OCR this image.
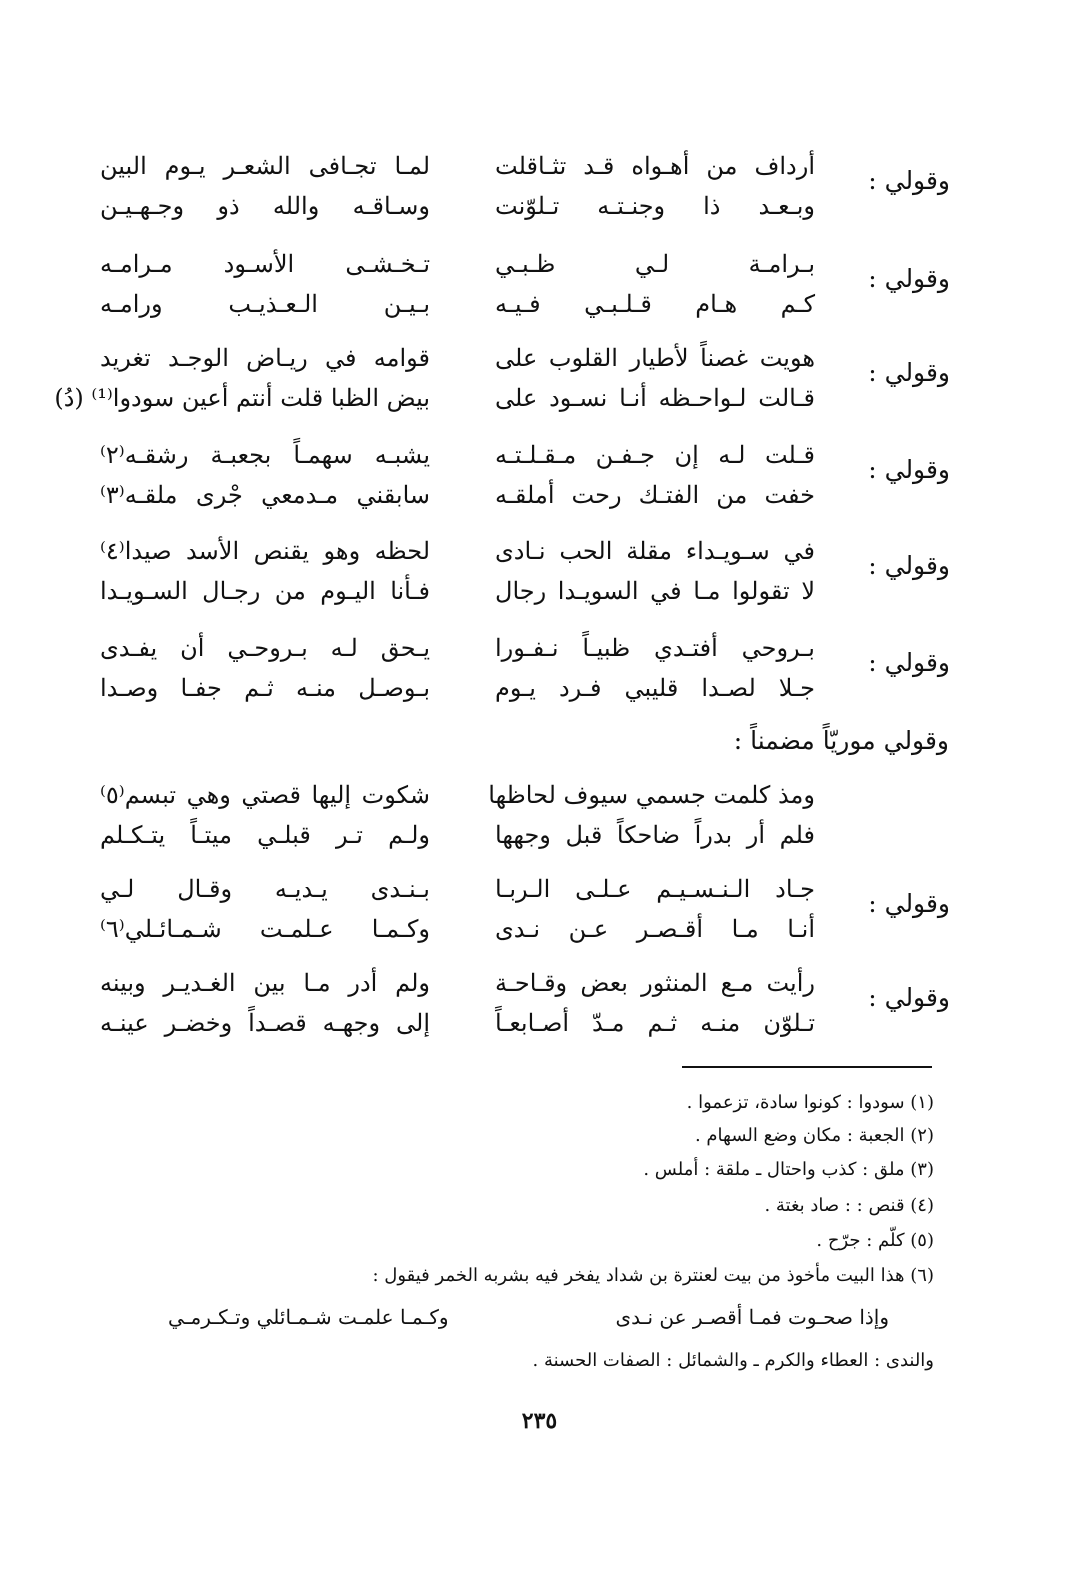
وقولي :
أرداف من أهـواه قـد تثـاقلت
وبـعـد ذا وجنـتـه تـلوّنت
لمـا تجـافى الشعـر يـوم البين
وسـاقـه والله ذو وجـهـيـن
وقولي :
بـرامـة لـي ظـبـي
كـم هـام قـلـبـي فـيـه
تـخـشـى الأسـود مـرامـه
بـيـن الـعـذيـب ورامـه
وقولي :
هويت غصناً لأطيار القلوب على
قـالت لـواحـظه أنـا نسـود على
قوامه في ريـاض الوجـد تغريد
بيض الظبا قلت أنتم أعين سودوا⁽¹⁾ (دُ)
وقولي :
قـلت لـه إن جـفـن مـقـلـتـه
خفت من الفتـك رحت أملقـه
يشبـه سهمـاً بجعبـة رشقـه⁽٢⁾
سابقني مـدمعي جْرى ملقـه⁽٣⁾
وقولي :
في سـويـداء مقلة الحب نـادى
لا تقولوا مـا في السويـدا رجال
لحظه وهو يقنص الأسد صيدا⁽٤⁾
فـأنا اليـوم من رجـال السـويـدا
وقولي :
بـروحي أفتـدي ظبيـاً نـفـورا
جـلا لصـدا قليبي فـرد يـوم
يـحق لـه بـروحـي أن يفـدى
بـوصـل منـه ثـم جفـا وصـدا
وقولي موريّاً مضمناً :
ومذ كلمت جسمي سيوف لحاظها
فلم أر بدراً ضاحكاً قبل وجهها
شكوت إليها قصتي وهي تبسم⁽٥⁾
ولـم تـر قبلـي ميتـاً يتـكـلم
وقولي :
جـاد الـنـسـيـم عـلـى الـربـا
أنـا مـا أقـصـر عـن نـدى
بـنـدى يـديـه وقـال لـي
وكـمـا عـلمـت شـمـائـلي⁽٦⁾
وقولي :
رأيت مـع المنثور بعض وقـاحـة
تـلوّن منـه ثـم مـدّ أصـابعـاً
ولم أدر مـا بين الغـديـر وبينه
إلى وجهـه قصـداً وخضـر عينـه
(١) سودوا : كونوا سادة، تزعموا .
(٢) الجعبة : مكان وضع السهام .
(٣) ملق : كذب واحتال ـ ملقة : أملس .
(٤) قنص : : صاد بغتة .
(٥) كلّم : جرّح .
(٦) هذا البيت مأخوذ من بيت لعنترة بن شداد يفخر فيه بشربه الخمر فيقول :
وإذا صحـوت فمـا أقصـر عن نـدى
وكـمـا علمـت شـمـائلي وتـكـرمـي
والندى : العطاء والكرم ـ والشمائل : الصفات الحسنة .
٢٣٥
